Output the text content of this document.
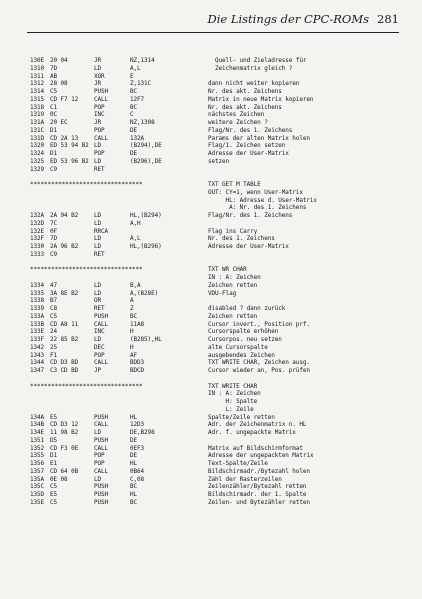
Die Listings der CPC-ROMs 281
130E 20 04	JR	NZ,1314	Quell- und Zieladresse für
1310 7D	LD	A,L	Zeichenmatrix gleich ?
1311 AB	XOR	E
1312 28 08	JR	Z,131C	dann nicht weiter kopieren
1314 C5	PUSH	BC	Nr. des akt. Zeichens
1315 CD F7 12	CALL	12F7	Matrix in neue Matrix kopieren
1318 C1	POP	BC	Nr. des akt. Zeichens
1319 0C	INC	C	nächstes Zeichen
131A 20 EC	JR	NZ,1308	weitere Zeichen ?
131C D1	POP	DE	Flag/Nr. des 1. Zeichens
131D CD 2A 13	CALL	132A	Params der alten Matrix holen
1320 ED 53 94 B2 LD	(B294),DE	Flag/1. Zeichen setzen
1324 D1	POP	DE	Adresse der User-Matrix
1325 ED 53 96 B2 LD	(B296),DE	setzen
1329 C9	RET
********************************	TXT GET M TABLE
OUT: CY=1, wenn User-Matrix
HL: Adresse d. User-Matrix
A: Nr. des 1. Zeichens
132A 2A 94 B2	LD	HL,(B294)	Flag/Nr. des 1. Zeichens
132D 7C	LD	A,H
132E 0F	RRCA	Flag ins Carry
132F 7D	LD	A,L	Nr. des 1. Zeichens
1330 2A 96 B2	LD	HL,(B296)	Adresse der User-Matrix
1333 C9	RET
********************************	TXT WR CHAR
IN : A: Zeichen
1334 47	LD	B,A	Zeichen retten
1335 3A 8E B2	LD	A,(B28E)	VDU-Flag
1338 B7	OR	A
1339 C8	RET	Z	disabled ? dann zurück
133A C5	PUSH	BC	Zeichen retten
133B CD A8 11	CALL	11A8	Cursor invert., Position prf.
133E 24	INC	H	Cursorspalte erhöhen
133F 22 85 B2	LD	(B285),HL	Cursorpos. neu setzen
1342 25	DEC	H	alte Cursorspalte
1343 F1	POP	AF	ausgebendes Zeichen
1344 CD D3 BD	CALL	BDD3	TXT WRITE CHAR, Zeichen ausg.
1347 C3 CD BD	JP	BDCD	Cursor wieder an, Pos. prüfen
********************************	TXT WRITE CHAR
IN : A: Zeichen
H: Spalte
L: Zeile
134A E5	PUSH	HL	Spalte/Zeile retten
134B CD D3 12	CALL	12D3	Adr. der Zeichenmatrix n. HL
134E 11 98 B2	LD	DE,B298	Adr. f. ungepackte Matrix
1351 D5	PUSH	DE
1352 CD F3 0E	CALL	0EF3	Matrix auf Bildschirmformat
1355 D1	POP	DE	Adresse der ungepackten Matrix
1356 E1	POP	HL	Text-Spalte/Zeile
1357 CD 64 0B	CALL	0B64	Bildschirmadr./Bytezahl holen
135A 0E 08	LD	C,08	Zahl der Rasterzeilen
135C C5	PUSH	BC	Zeilenzähler/Bytezahl retten
135D E5	PUSH	HL	Bildschirmadr. der 1. Spalte
135E C5	PUSH	BC	Zeilen- und Bytezähler retten
